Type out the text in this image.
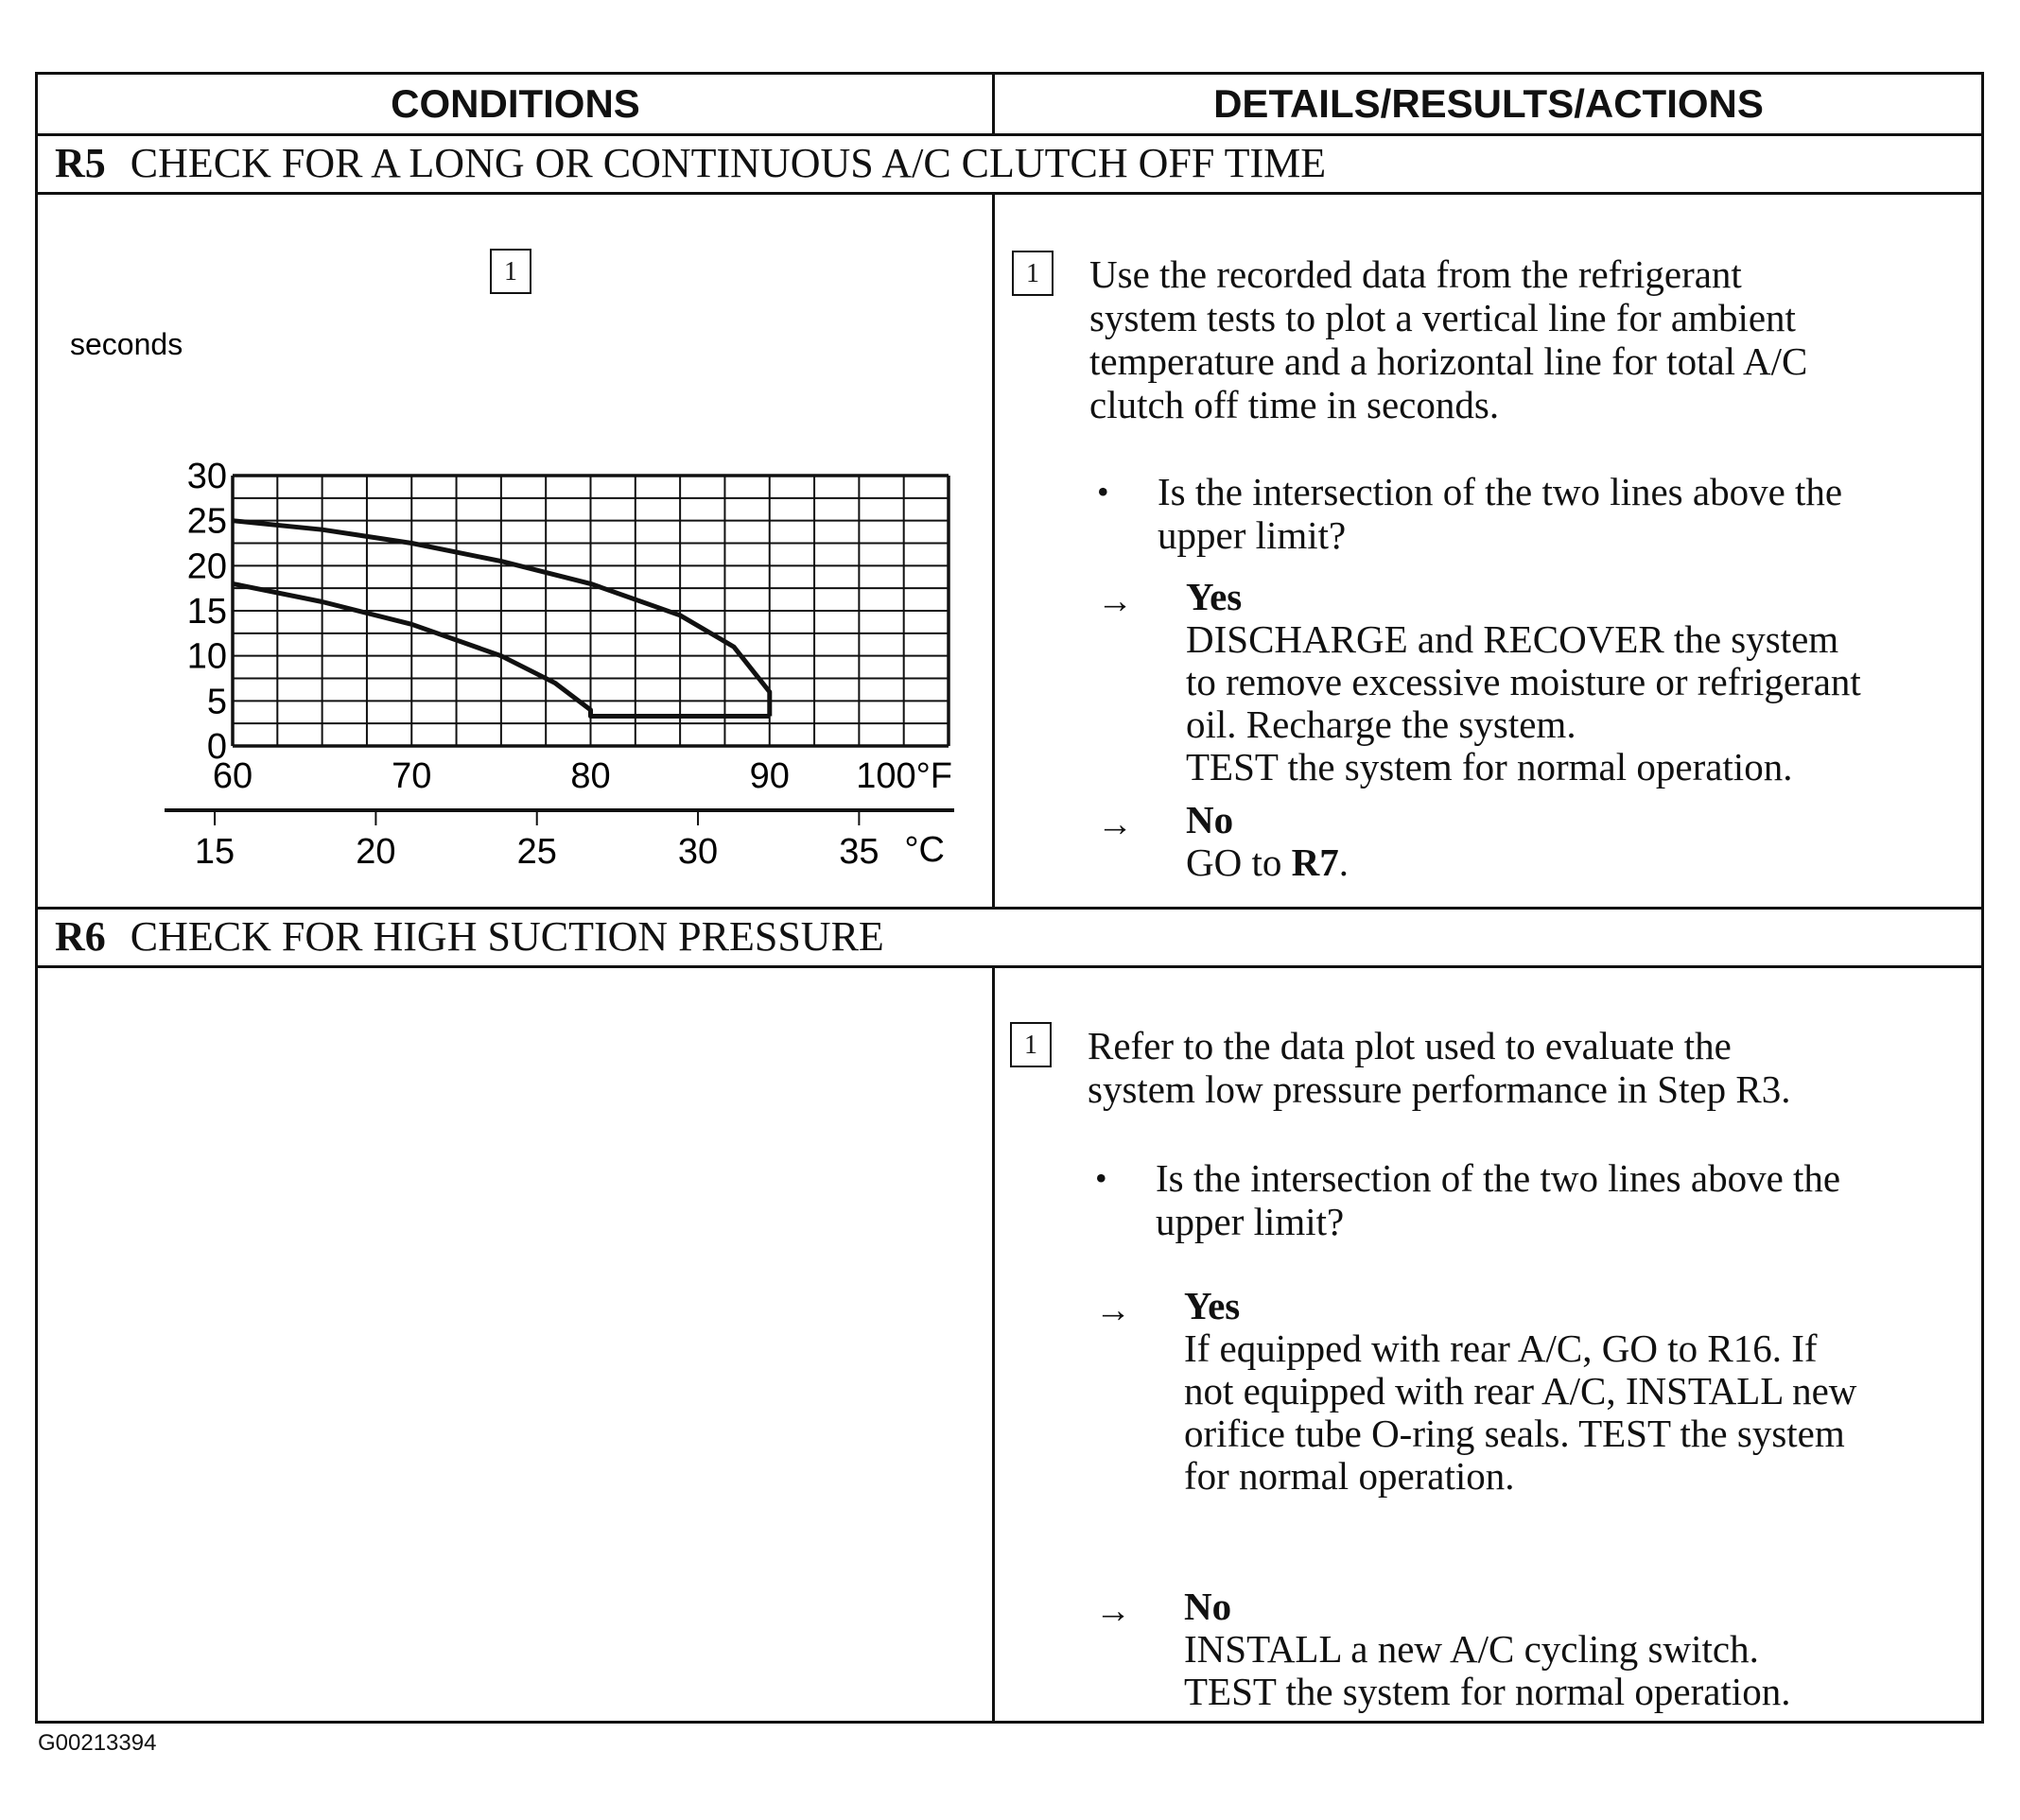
CONDITIONS	DETAILS/RESULTS/ACTIONS
R5 CHECK FOR A LONG OR CONTINUOUS A/C CLUTCH OFF TIME
1
0
5
10
15
20
25
30
60	70	80	90 100°F
15	20	25	30	35 °C
seconds
1	Use the recorded data from the refrigerant
system tests to plot a vertical line for ambient
temperature and a horizontal line for total A/C
clutch off time in seconds.
• Is the intersection of the two lines above the
upper limit?
→ Yes
DISCHARGE and RECOVER the system
to remove excessive moisture or refrigerant
oil. Recharge the system.
TEST the system for normal operation.
→ No
GO to R7.
R6 CHECK FOR HIGH SUCTION PRESSURE
1	Refer to the data plot used to evaluate the
system low pressure performance in Step R3.
• Is the intersection of the two lines above the
upper limit?
→ Yes
If equipped with rear A/C, GO to R16. If
not equipped with rear A/C, INSTALL new
orifice tube O-ring seals. TEST the system
for normal operation.
→ No
INSTALL a new A/C cycling switch.
TEST the system for normal operation.
G00213394
